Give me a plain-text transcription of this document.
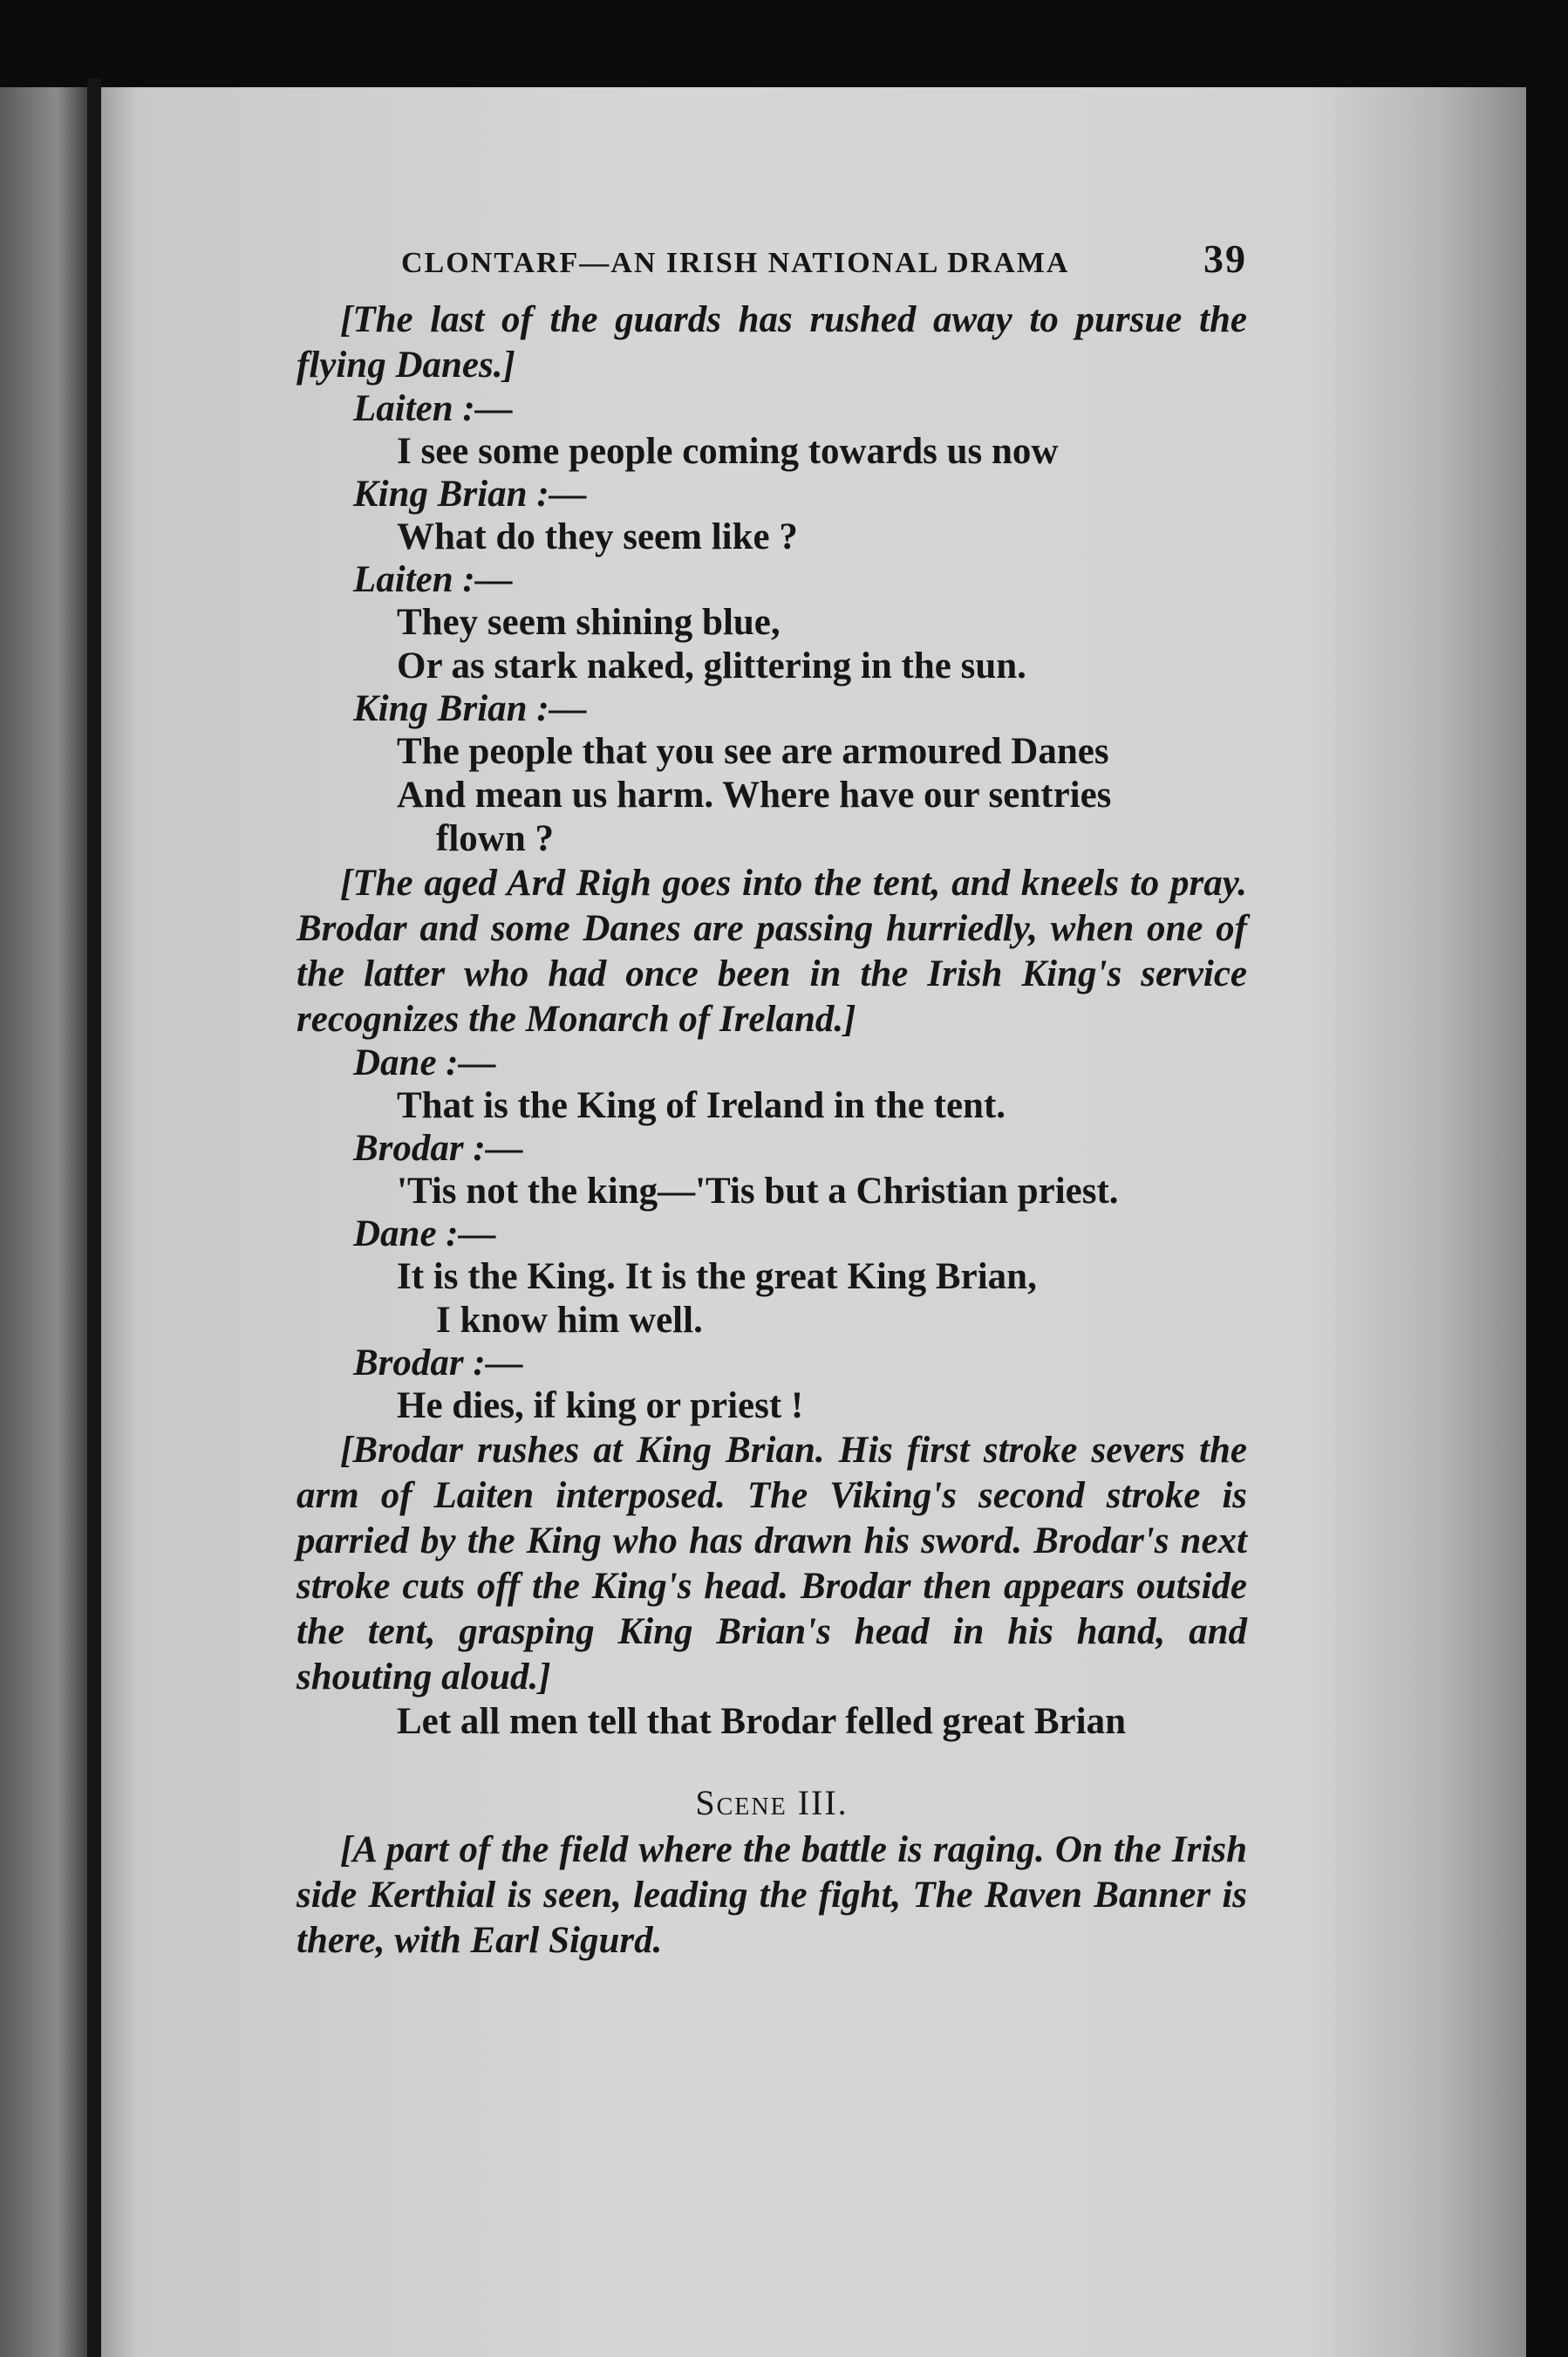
CLONTARF—AN IRISH NATIONAL DRAMA	39

[The last of the guards has rushed away to pursue the flying Danes.]

Laiten :—
I see some people coming towards us now
King Brian :—
What do they seem like ?
Laiten :—
They seem shining blue,
Or as stark naked, glittering in the sun.
King Brian :—
The people that you see are armoured Danes
And mean us harm. Where have our sentries
flown ?

[The aged Ard Righ goes into the tent, and kneels to pray. Brodar and some Danes are passing hurriedly, when one of the latter who had once been in the Irish King's service recognizes the Monarch of Ireland.]

Dane :—
That is the King of Ireland in the tent.
Brodar :—
'Tis not the king—'Tis but a Christian priest.
Dane :—
It is the King. It is the great King Brian,
I know him well.
Brodar :—
He dies, if king or priest !

[Brodar rushes at King Brian. His first stroke severs the arm of Laiten interposed. The Viking's second stroke is parried by the King who has drawn his sword. Brodar's next stroke cuts off the King's head. Brodar then appears outside the tent, grasping King Brian's head in his hand, and shouting aloud.]

Let all men tell that Brodar felled great Brian
Scene III.

[A part of the field where the battle is raging. On the Irish side Kerthial is seen, leading the fight, The Raven Banner is there, with Earl Sigurd.
